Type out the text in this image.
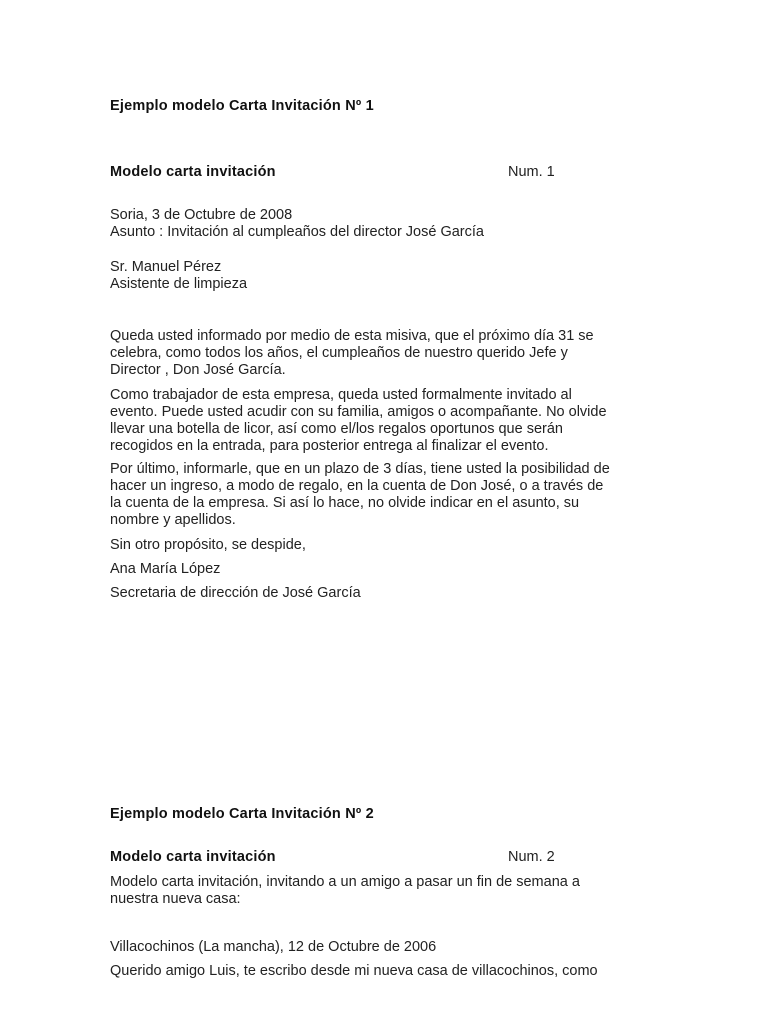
Ejemplo modelo Carta Invitación Nº 1
Modelo carta invitación	Num. 1
Soria, 3 de Octubre de 2008
Asunto : Invitación al cumpleaños del director José García
Sr. Manuel Pérez
Asistente de limpieza
Queda usted informado por medio de esta misiva, que el próximo día 31 se
celebra, como todos los años, el cumpleaños de nuestro querido Jefe y
Director , Don José García.
Como trabajador de esta empresa, queda usted formalmente invitado al
evento. Puede usted acudir con su familia, amigos o acompañante. No olvide
llevar una botella de licor, así como el/los regalos oportunos que serán
recogidos en la entrada, para posterior entrega al finalizar el evento.
Por último, informarle, que en un plazo de 3 días, tiene usted la posibilidad de
hacer un ingreso, a modo de regalo, en la cuenta de Don José, o a través de
la cuenta de la empresa. Si así lo hace, no olvide indicar en el asunto, su
nombre y apellidos.
Sin otro propósito, se despide,
Ana María López
Secretaria de dirección de José García
Ejemplo modelo Carta Invitación Nº 2
Modelo carta invitación	Num. 2
Modelo carta invitación, invitando a un amigo a pasar un fin de semana a
nuestra nueva casa:
Villacochinos (La mancha), 12 de Octubre de 2006
Querido amigo Luis, te escribo desde mi nueva casa de villacochinos, como
